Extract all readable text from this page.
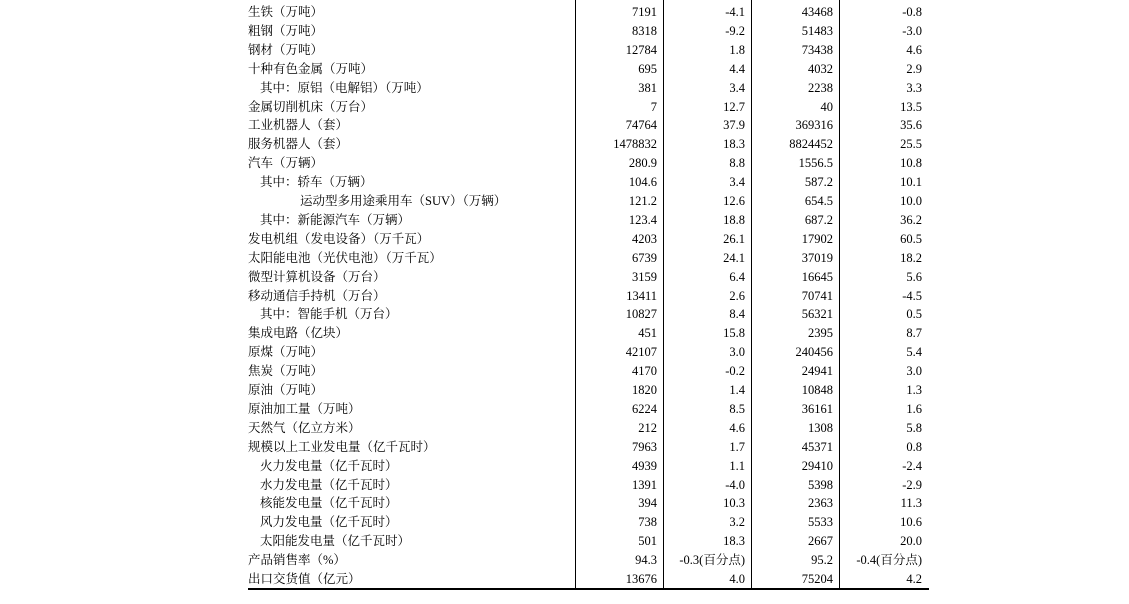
生铁（万吨）	7191	-4.1	43468	-0.8
粗钢（万吨）	8318	-9.2	51483	-3.0
钢材（万吨）	12784	1.8	73438	4.6
十种有色金属（万吨）	695	4.4	4032	2.9
其中：原铝（电解铝）（万吨）	381	3.4	2238	3.3
金属切削机床（万台）	7	12.7	40	13.5
工业机器人（套）	74764	37.9	369316	35.6
服务机器人（套）	1478832	18.3	8824452	25.5
汽车（万辆）	280.9	8.8	1556.5	10.8
其中：轿车（万辆）	104.6	3.4	587.2	10.1
运动型多用途乘用车（SUV）（万辆）	121.2	12.6	654.5	10.0
其中：新能源汽车（万辆）	123.4	18.8	687.2	36.2
发电机组（发电设备）（万千瓦）	4203	26.1	17902	60.5
太阳能电池（光伏电池）（万千瓦）	6739	24.1	37019	18.2
微型计算机设备（万台）	3159	6.4	16645	5.6
移动通信手持机（万台）	13411	2.6	70741	-4.5
其中：智能手机（万台）	10827	8.4	56321	0.5
集成电路（亿块）	451	15.8	2395	8.7
原煤（万吨）	42107	3.0	240456	5.4
焦炭（万吨）	4170	-0.2	24941	3.0
原油（万吨）	1820	1.4	10848	1.3
原油加工量（万吨）	6224	8.5	36161	1.6
天然气（亿立方米）	212	4.6	1308	5.8
规模以上工业发电量（亿千瓦时）	7963	1.7	45371	0.8
火力发电量（亿千瓦时）	4939	1.1	29410	-2.4
水力发电量（亿千瓦时）	1391	-4.0	5398	-2.9
核能发电量（亿千瓦时）	394	10.3	2363	11.3
风力发电量（亿千瓦时）	738	3.2	5533	10.6
太阳能发电量（亿千瓦时）	501	18.3	2667	20.0
产品销售率（%）	94.3	-0.3(百分点)	95.2	-0.4(百分点)
出口交货值（亿元）	13676	4.0	75204	4.2
